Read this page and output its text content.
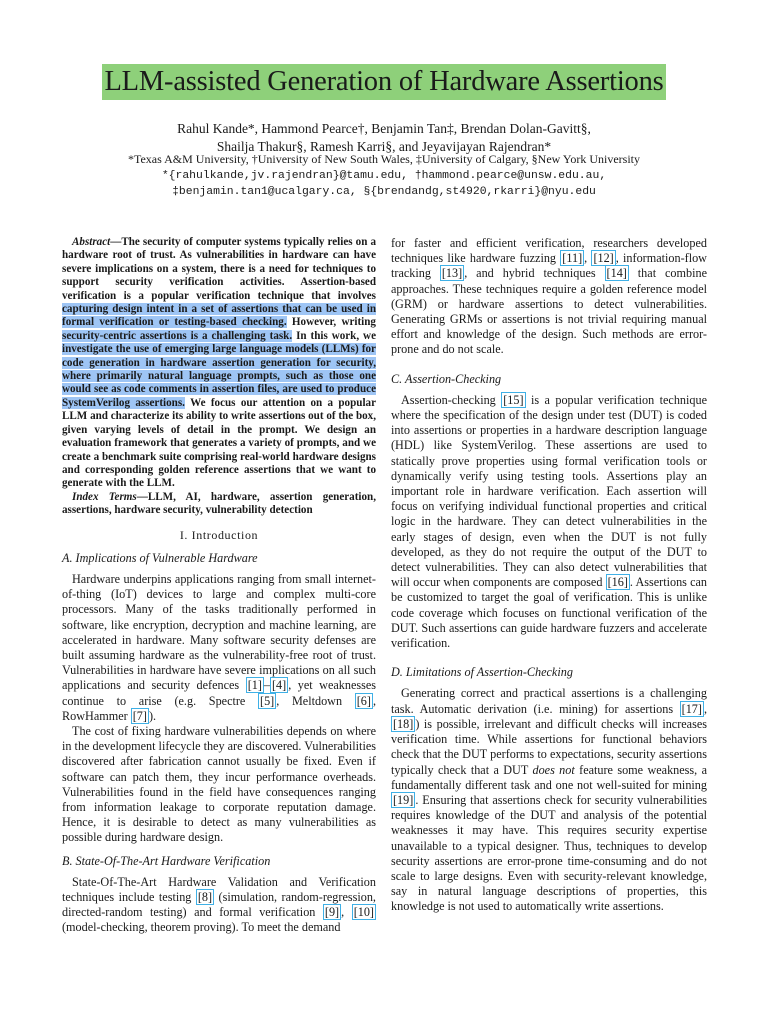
LLM-assisted Generation of Hardware Assertions
Rahul Kande*, Hammond Pearce†, Benjamin Tan‡, Brendan Dolan-Gavitt§,
Shailja Thakur§, Ramesh Karri§, and Jeyavijayan Rajendran*
*Texas A&M University, †University of New South Wales, ‡University of Calgary, §New York University
*{rahulkande,jv.rajendran}@tamu.edu, †hammond.pearce@unsw.edu.au,
‡benjamin.tan1@ucalgary.ca, §{brendandg,st4920,rkarri}@nyu.edu

Abstract—The security of computer systems typically relies on a hardware root of trust. As vulnerabilities in hardware can have severe implications on a system, there is a need for techniques to support security verification activities. Assertion-based verification is a popular verification technique that involves capturing design intent in a set of assertions that can be used in formal verification or testing-based checking. However, writing security-centric assertions is a challenging task. In this work, we investigate the use of emerging large language models (LLMs) for code generation in hardware assertion generation for security, where primarily natural language prompts, such as those one would see as code comments in assertion files, are used to produce SystemVerilog assertions. We focus our attention on a popular LLM and characterize its ability to write assertions out of the box, given varying levels of detail in the prompt. We design an evaluation framework that generates a variety of prompts, and we create a benchmark suite comprising real-world hardware designs and corresponding golden reference assertions that we want to generate with the LLM.

Index Terms—LLM, AI, hardware, assertion generation, assertions, hardware security, vulnerability detection

I. Introduction
A. Implications of Vulnerable Hardware

Hardware underpins applications ranging from small internet-of-thing (IoT) devices to large and complex multi-core processors. Many of the tasks traditionally performed in software, like encryption, decryption and machine learning, are accelerated in hardware. Many software security defenses are built assuming hardware as the vulnerability-free root of trust. Vulnerabilities in hardware have severe implications on all such applications and security defences [1] – [4] , yet weaknesses continue to arise (e.g. Spectre [5] , Meltdown [6] , RowHammer [7] ).

The cost of fixing hardware vulnerabilities depends on where in the development lifecycle they are discovered. Vulnerabilities discovered after fabrication cannot usually be fixed. Even if software can patch them, they incur performance overheads. Vulnerabilities found in the field have consequences ranging from information leakage to corporate reputation damage. Hence, it is desirable to detect as many vulnerabilities as possible during hardware design.

B. State-Of-The-Art Hardware Verification

State-Of-The-Art Hardware Validation and Verification techniques include testing [8] (simulation, random-regression, directed-random testing) and formal verification [9] , [10] (model-checking, theorem proving). To meet the demand

for faster and efficient verification, researchers developed techniques like hardware fuzzing [11] , [12] , information-flow tracking [13] , and hybrid techniques [14] that combine approaches. These techniques require a golden reference model (GRM) or hardware assertions to detect vulnerabilities. Generating GRMs or assertions is not trivial requiring manual effort and knowledge of the design. Such methods are error-prone and do not scale.

C. Assertion-Checking

Assertion-checking [15] is a popular verification technique where the specification of the design under test (DUT) is coded into assertions or properties in a hardware description language (HDL) like SystemVerilog. These assertions are used to statically prove properties using formal verification tools or dynamically verify using testing tools. Assertions play an important role in hardware verification. Each assertion will focus on verifying individual functional properties and critical logic in the hardware. They can detect vulnerabilities in the early stages of design, even when the DUT is not fully developed, as they do not require the output of the DUT to detect vulnerabilities. They can also detect vulnerabilities that will occur when components are composed [16] . Assertions can be customized to target the goal of verification. This is unlike code coverage which focuses on functional verification of the DUT. Such assertions can guide hardware fuzzers and accelerate verification.

D. Limitations of Assertion-Checking

Generating correct and practical assertions is a challenging task. Automatic derivation (i.e. mining) for assertions [17] , [18] ) is possible, irrelevant and difficult checks will increases verification time. While assertions for functional behaviors check that the DUT performs to expectations, security assertions typically check that a DUT does not feature some weakness, a fundamentally different task and one not well-suited for mining [19] . Ensuring that assertions check for security vulnerabilities requires knowledge of the DUT and analysis of the potential weaknesses it may have. This requires security expertise unavailable to a typical designer. Thus, techniques to develop security assertions are error-prone time-consuming and do not scale to large designs. Even with security-relevant knowledge, say in natural language descriptions of properties, this knowledge is not used to automatically write assertions.
